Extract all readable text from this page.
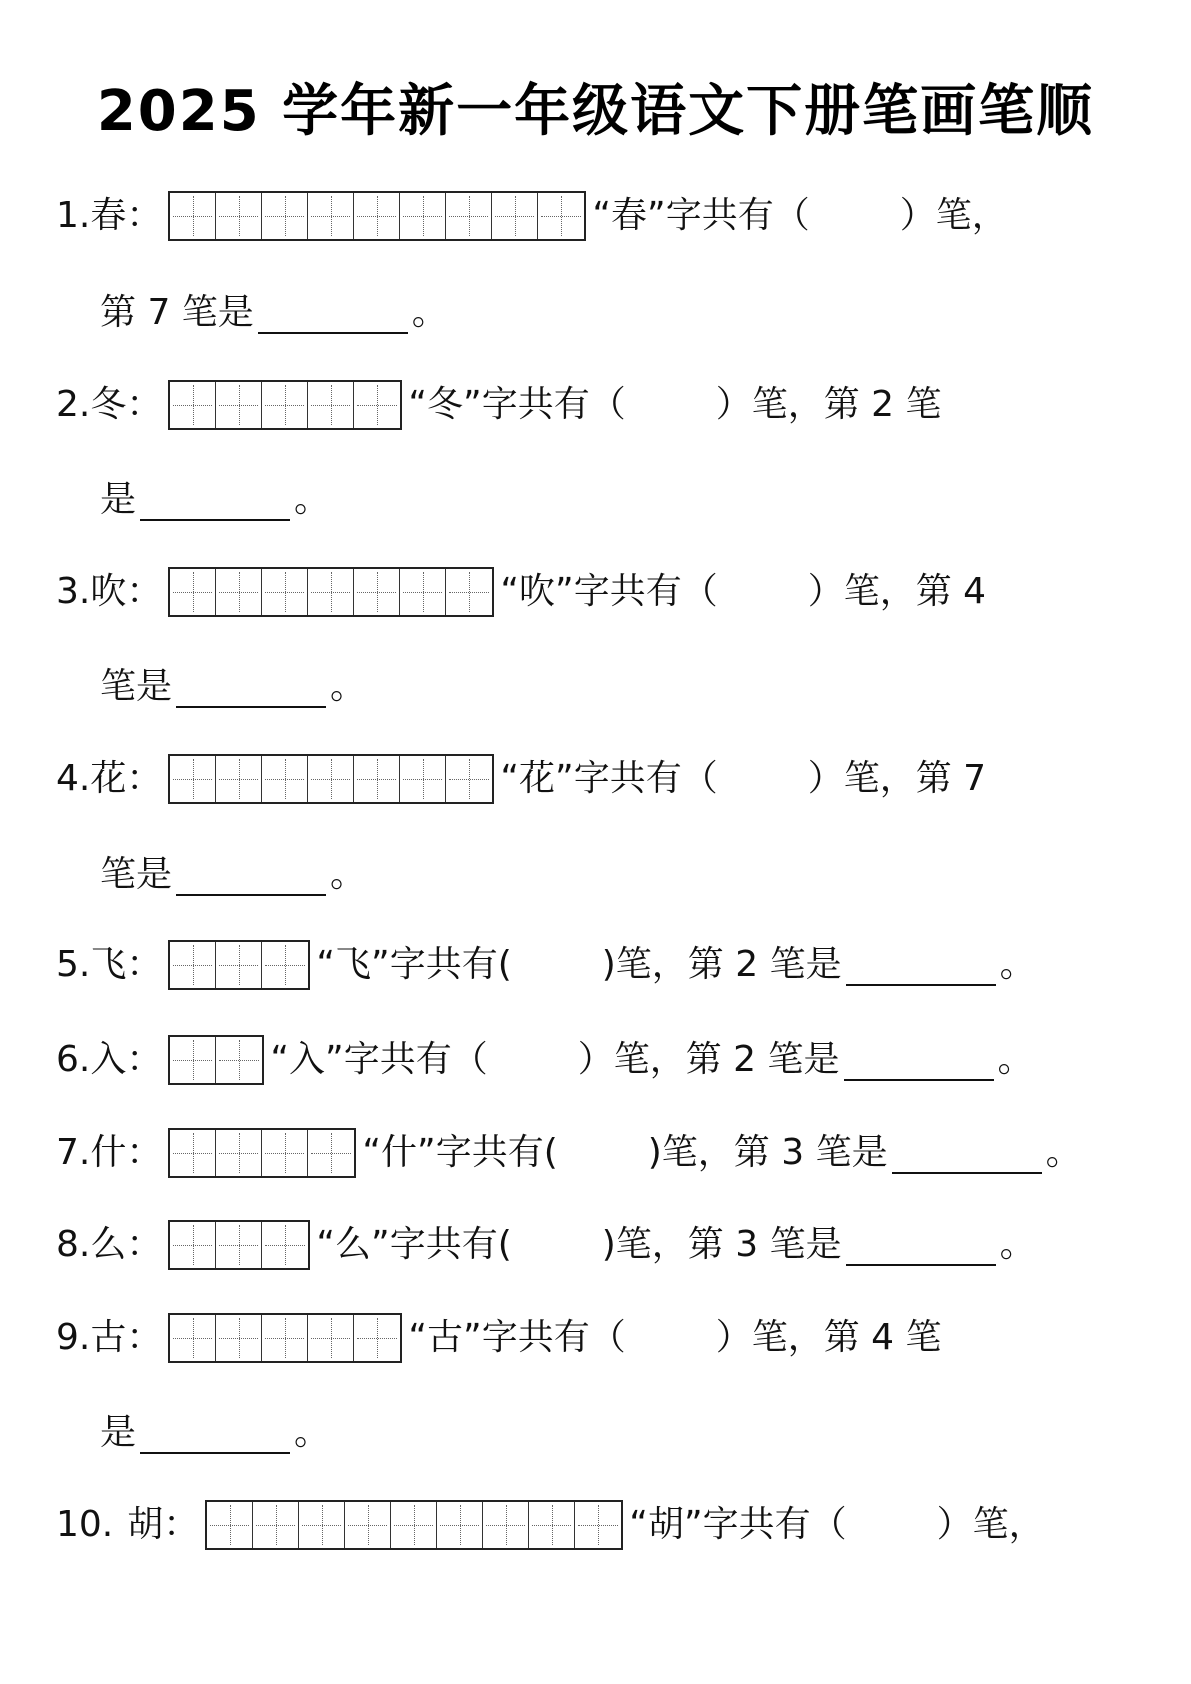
2025 学年新一年级语文下册笔画笔顺
1. 春 ：	“春”字共有（	）笔，
第 7 笔是	。
2. 冬 ：	“冬”字共有（	）笔，第 2 笔
是	。
3. 吹 ：	“吹”字共有（	）笔，第 4
笔是	。
4. 花 ：	“花”字共有（	）笔，第 7
笔是	。
5. 飞 ：	“飞”字共有(	)笔，第 2 笔是	。
6. 入 ：	“入”字共有（	）笔，第 2 笔是	。
7. 什 ：	“什”字共有(	)笔，第 3 笔是	。
8. 么 ：	“么”字共有(	)笔，第 3 笔是	。
9. 古 ：	“古”字共有（	）笔，第 4 笔
是	。
10. 胡 ：	“胡”字共有（	）笔，
